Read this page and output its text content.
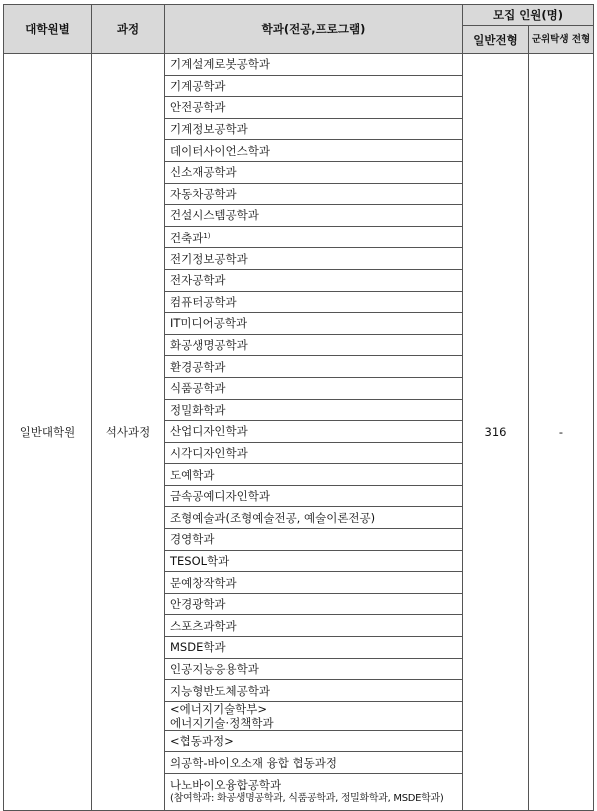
대학원별	과정	학과(전공,프로그램)	모집 인원(명)	
			일반전형	군위탁생 전형
일반대학원	석사과정	기계설계로봇공학과	316	-
		기계공학과		
		안전공학과		
		기계정보공학과		
		데이터사이언스학과		
		신소재공학과		
		자동차공학과		
		건설시스템공학과		
		건축과$^{1)}$
		전기정보공학과		
		전자공학과		
		컴퓨터공학과		
		IT미디어공학과		
		화공생명공학과		
		환경공학과		
		식품공학과		
		정밀화학과		
		산업디자인학과		
		시각디자인학과		
		도예학과		
		금속공예디자인학과		
		조형예술과(조형예술전공, 예술이론전공)		
		경영학과		
		TESOL학과		
		문예창작학과		
		안경광학과		
		스포츠과학과		
		MSDE학과		
		인공지능응용학과		
		지능형반도체공학과		

		<에너지기술학부>
에너지기술·정책학과		

		<협동과정>		
		의공학-바이오소재 융합 협동과정		

		나노바이오융합공학과
(참여학과: 화공생명공학과, 식품공학과, 정밀화학과, MSDE학과)		
